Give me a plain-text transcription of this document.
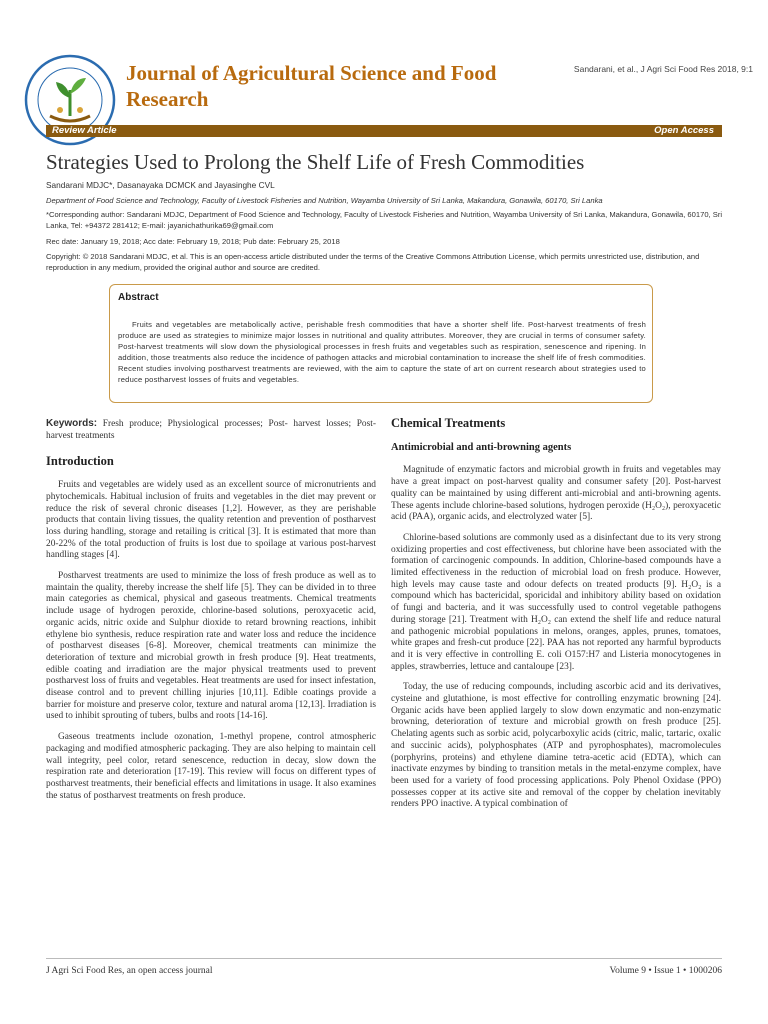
Journal of Agricultural Science and Food Research
Sandarani, et al., J Agri Sci Food Res 2018, 9:1
Review Article	Open Access
Strategies Used to Prolong the Shelf Life of Fresh Commodities
Sandarani MDJC*, Dasanayaka DCMCK and Jayasinghe CVL
Department of Food Science and Technology, Faculty of Livestock Fisheries and Nutrition, Wayamba University of Sri Lanka, Makandura, Gonawila, 60170, Sri Lanka
*Corresponding author: Sandarani MDJC, Department of Food Science and Technology, Faculty of Livestock Fisheries and Nutrition, Wayamba University of Sri Lanka, Makandura, Gonawila, 60170, Sri Lanka, Tel: +94372 281412; E-mail: jayanichathurika69@gmail.com
Rec date: January 19, 2018; Acc date: February 19, 2018; Pub date: February 25, 2018
Copyright: © 2018 Sandarani MDJC, et al. This is an open-access article distributed under the terms of the Creative Commons Attribution License, which permits unrestricted use, distribution, and reproduction in any medium, provided the original author and source are credited.
Abstract
Fruits and vegetables are metabolically active, perishable fresh commodities that have a shorter shelf life. Post-harvest treatments of fresh produce are used as strategies to minimize major losses in nutritional and quality attributes. Moreover, they are crucial in terms of consumer safety. Post-harvest treatments will slow down the physiological processes in fresh fruits and vegetables such as respiration, senescence and ripening. In addition, those treatments also reduce the incidence of pathogen attacks and microbial contamination to increase the shelf life of fresh commodities. Recent studies involving postharvest treatments are reviewed, with the aim to capture the state of art on current research about strategies used to reduce postharvest losses of fruits and vegetables.

Keywords: Fresh produce; Physiological processes; Post- harvest losses; Post-harvest treatments

Introduction

Fruits and vegetables are widely used as an excellent source of micronutrients and phytochemicals. Habitual inclusion of fruits and vegetables in the diet may prevent or reduce the risk of several chronic diseases [1,2]. However, as they are perishable products that contain living tissues, the quality retention and prevention of postharvest loss during handling, storage and retailing is critical [3]. It is estimated that more than 20-22% of the total production of fruits is lost due to spoilage at various post-harvest handling stages [4].

Postharvest treatments are used to minimize the loss of fresh produce as well as to maintain the quality, thereby increase the shelf life [5]. They can be divided in to three main categories as chemical, physical and gaseous treatments. Chemical treatments include usage of hydrogen peroxide, chlorine-based solutions, peroxyacetic acid, organic acids, nitric oxide and Sulphur dioxide to retard browning reactions, inhibit ethylene bio synthesis, reduce respiration rate and water loss and reduce the incidence of postharvest diseases [6-8]. Moreover, chemical treatments can minimize the deterioration of texture and microbial growth in fresh produce [9]. Heat treatments, edible coating and irradiation are the major physical treatments used to prevent postharvest loss of fruits and vegetables. Heat treatments are used for insect infestation, disease control and to prevent chilling injuries [10,11]. Edible coatings provide a barrier for moisture and preserve color, texture and natural aroma [12,13]. Irradiation is used to inhibit sprouting of tubers, bulbs and roots [14-16].

Gaseous treatments include ozonation, 1-methyl propene, control atmospheric packaging and modified atmospheric packaging. They are also helping to maintain cell wall integrity, peel color, retard senescence, reduction in decay, slow down the respiration rate and deterioration [17-19]. This review will focus on different types of postharvest treatments, their beneficial effects and limitations in usage. It also examines the status of postharvest treatments on fresh produce.

Chemical Treatments
Antimicrobial and anti-browning agents

Magnitude of enzymatic factors and microbial growth in fruits and vegetables may have a great impact on post-harvest quality and consumer safety [20]. Post-harvest quality can be maintained by using different anti-microbial and anti-browning agents. These agents include chlorine-based solutions, hydrogen peroxide (H₂O₂), peroxyacetic acid (PAA), organic acids, and electrolyzed water [5].

Chlorine-based solutions are commonly used as a disinfectant due to its very strong oxidizing properties and cost effectiveness, but chlorine have been associated with the formation of carcinogenic compounds. In addition, Chlorine-based compounds have a limited effectiveness in the reduction of microbial load on fresh produce. However, high levels may cause taste and odour defects on treated products [9]. H₂O₂ is a compound which has bactericidal, sporicidal and inhibitory ability based on oxidation of fungi and bacteria, and it was successfully used to control vegetable pathogens during storage [21]. Treatment with H₂O₂ can extend the shelf life and reduce natural and pathogenic microbial populations in melons, oranges, apples, prunes, tomatoes, white grapes and fresh-cut produce [22]. PAA has not reported any harmful byproducts and it is very effective in controlling E. coli O157:H7 and Listeria monocytogenes in apples, strawberries, lettuce and cantaloupe [23].

Today, the use of reducing compounds, including ascorbic acid and its derivatives, cysteine and glutathione, is most effective for controlling enzymatic browning [24]. Organic acids have been applied largely to slow down enzymatic and non-enzymatic browning, deterioration of texture and microbial growth on fresh produce [25]. Chelating agents such as sorbic acid, polycarboxylic acids (citric, malic, tartaric, oxalic and succinic acids), polyphosphates (ATP and pyrophosphates), macromolecules (porphyrins, proteins) and ethylene diamine tetra-acetic acid (EDTA), which can inactivate enzymes by binding to transition metals in the metal-enzyme complex, have been used for a variety of food processing applications. Poly Phenol Oxidase (PPO) possesses copper at its active site and removal of the copper by chelation inevitably renders PPO inactive. A typical combination of

J Agri Sci Food Res, an open access journal	Volume 9 • Issue 1 • 1000206
